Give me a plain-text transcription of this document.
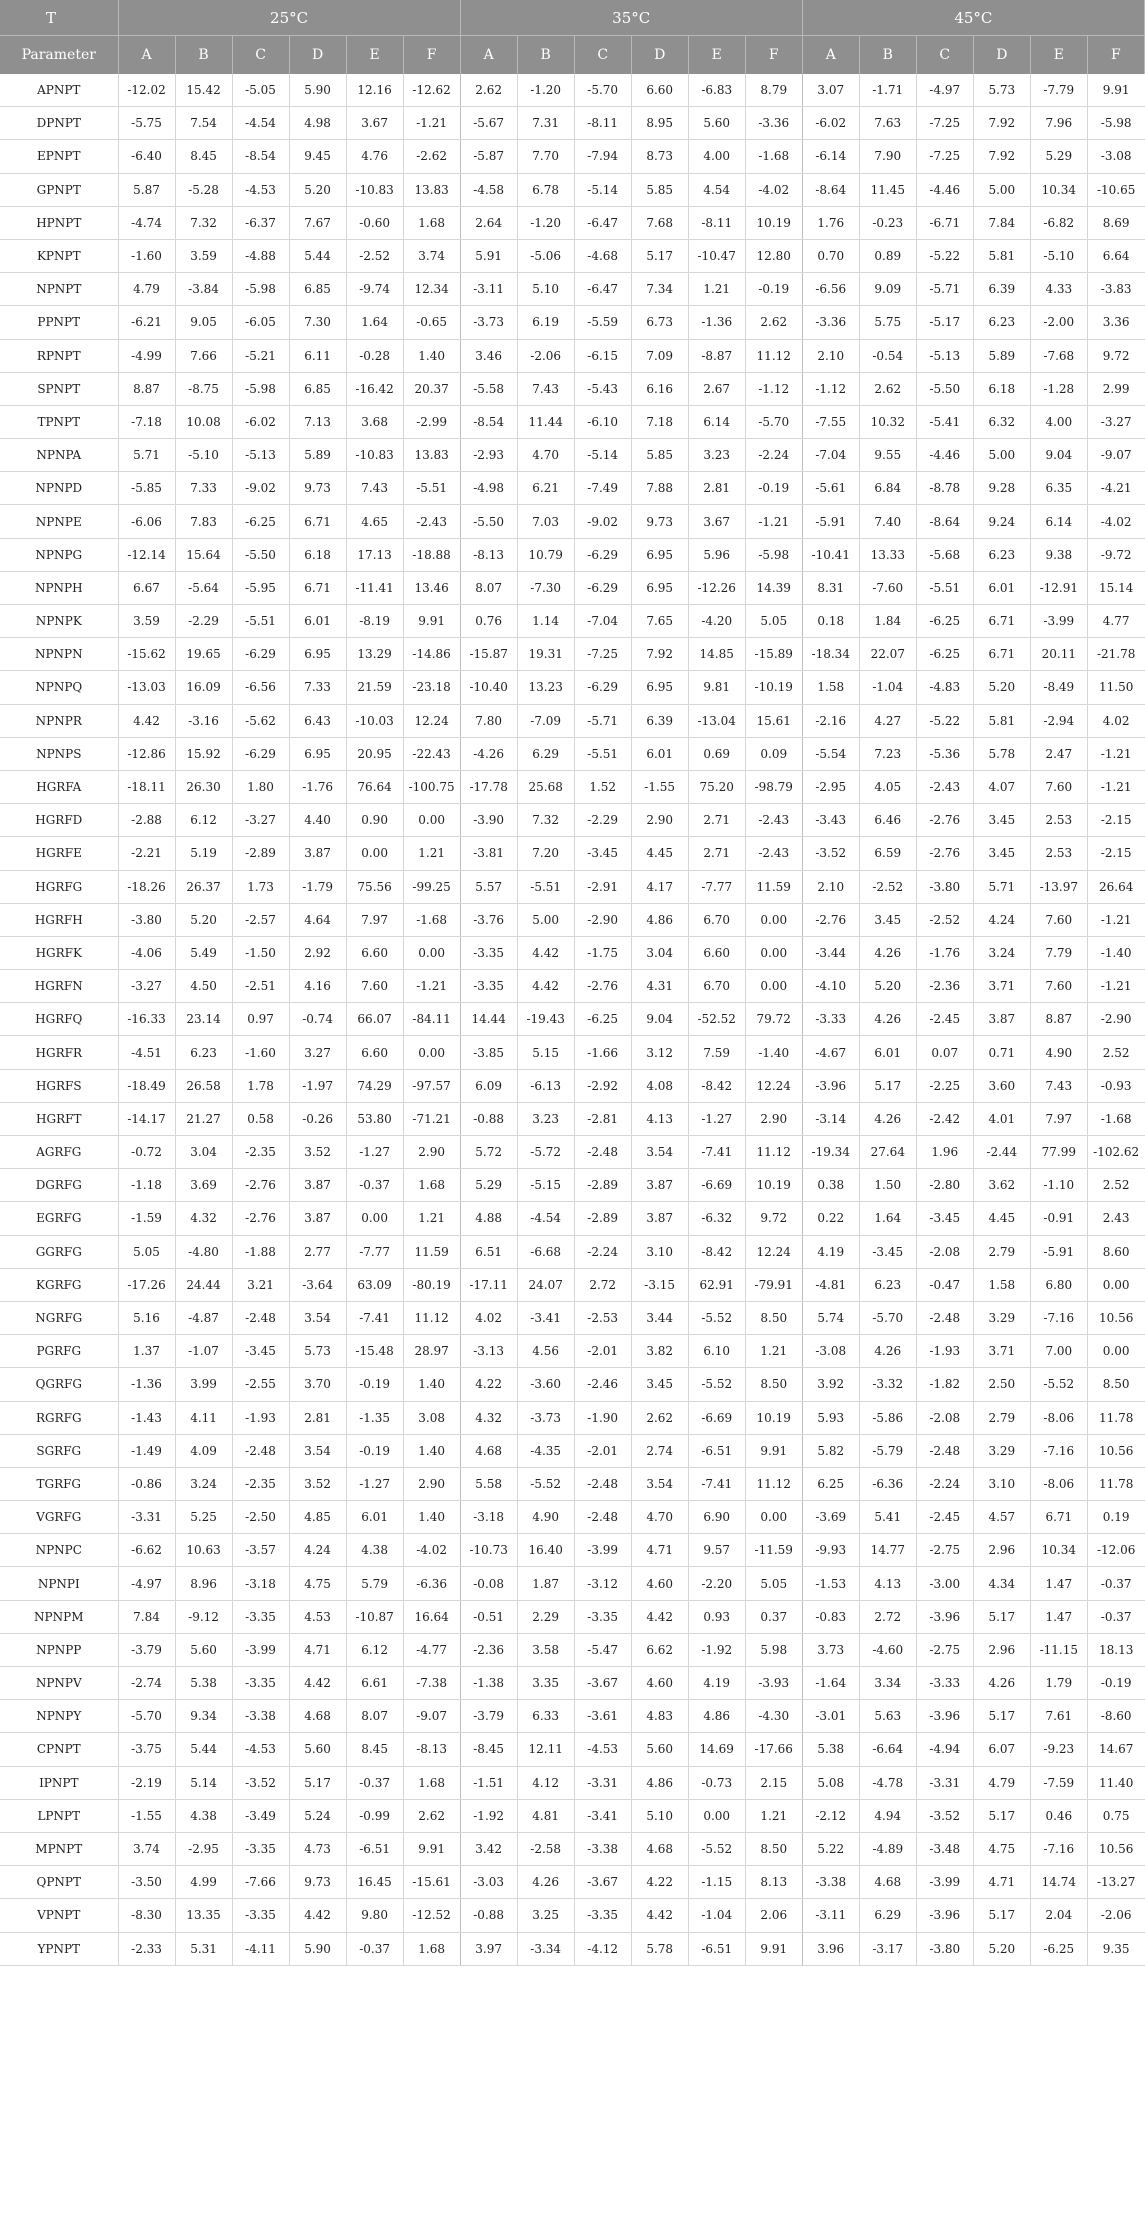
T	25°C						35°C						45°C					
Parameter	A	B	C	D	E	F	A	B	C	D	E	F	A	B	C	D	E	F
APNPT	-12.02	15.42	-5.05	5.90	12.16	-12.62	2.62	-1.20	-5.70	6.60	-6.83	8.79	3.07	-1.71	-4.97	5.73	-7.79	9.91
DPNPT	-5.75	7.54	-4.54	4.98	3.67	-1.21	-5.67	7.31	-8.11	8.95	5.60	-3.36	-6.02	7.63	-7.25	7.92	7.96	-5.98
EPNPT	-6.40	8.45	-8.54	9.45	4.76	-2.62	-5.87	7.70	-7.94	8.73	4.00	-1.68	-6.14	7.90	-7.25	7.92	5.29	-3.08
GPNPT	5.87	-5.28	-4.53	5.20	-10.83	13.83	-4.58	6.78	-5.14	5.85	4.54	-4.02	-8.64	11.45	-4.46	5.00	10.34	-10.65
HPNPT	-4.74	7.32	-6.37	7.67	-0.60	1.68	2.64	-1.20	-6.47	7.68	-8.11	10.19	1.76	-0.23	-6.71	7.84	-6.82	8.69
KPNPT	-1.60	3.59	-4.88	5.44	-2.52	3.74	5.91	-5.06	-4.68	5.17	-10.47	12.80	0.70	0.89	-5.22	5.81	-5.10	6.64
NPNPT	4.79	-3.84	-5.98	6.85	-9.74	12.34	-3.11	5.10	-6.47	7.34	1.21	-0.19	-6.56	9.09	-5.71	6.39	4.33	-3.83
PPNPT	-6.21	9.05	-6.05	7.30	1.64	-0.65	-3.73	6.19	-5.59	6.73	-1.36	2.62	-3.36	5.75	-5.17	6.23	-2.00	3.36
RPNPT	-4.99	7.66	-5.21	6.11	-0.28	1.40	3.46	-2.06	-6.15	7.09	-8.87	11.12	2.10	-0.54	-5.13	5.89	-7.68	9.72
SPNPT	8.87	-8.75	-5.98	6.85	-16.42	20.37	-5.58	7.43	-5.43	6.16	2.67	-1.12	-1.12	2.62	-5.50	6.18	-1.28	2.99
TPNPT	-7.18	10.08	-6.02	7.13	3.68	-2.99	-8.54	11.44	-6.10	7.18	6.14	-5.70	-7.55	10.32	-5.41	6.32	4.00	-3.27
NPNPA	5.71	-5.10	-5.13	5.89	-10.83	13.83	-2.93	4.70	-5.14	5.85	3.23	-2.24	-7.04	9.55	-4.46	5.00	9.04	-9.07
NPNPD	-5.85	7.33	-9.02	9.73	7.43	-5.51	-4.98	6.21	-7.49	7.88	2.81	-0.19	-5.61	6.84	-8.78	9.28	6.35	-4.21
NPNPE	-6.06	7.83	-6.25	6.71	4.65	-2.43	-5.50	7.03	-9.02	9.73	3.67	-1.21	-5.91	7.40	-8.64	9.24	6.14	-4.02
NPNPG	-12.14	15.64	-5.50	6.18	17.13	-18.88	-8.13	10.79	-6.29	6.95	5.96	-5.98	-10.41	13.33	-5.68	6.23	9.38	-9.72
NPNPH	6.67	-5.64	-5.95	6.71	-11.41	13.46	8.07	-7.30	-6.29	6.95	-12.26	14.39	8.31	-7.60	-5.51	6.01	-12.91	15.14
NPNPK	3.59	-2.29	-5.51	6.01	-8.19	9.91	0.76	1.14	-7.04	7.65	-4.20	5.05	0.18	1.84	-6.25	6.71	-3.99	4.77
NPNPN	-15.62	19.65	-6.29	6.95	13.29	-14.86	-15.87	19.31	-7.25	7.92	14.85	-15.89	-18.34	22.07	-6.25	6.71	20.11	-21.78
NPNPQ	-13.03	16.09	-6.56	7.33	21.59	-23.18	-10.40	13.23	-6.29	6.95	9.81	-10.19	1.58	-1.04	-4.83	5.20	-8.49	11.50
NPNPR	4.42	-3.16	-5.62	6.43	-10.03	12.24	7.80	-7.09	-5.71	6.39	-13.04	15.61	-2.16	4.27	-5.22	5.81	-2.94	4.02
NPNPS	-12.86	15.92	-6.29	6.95	20.95	-22.43	-4.26	6.29	-5.51	6.01	0.69	0.09	-5.54	7.23	-5.36	5.78	2.47	-1.21
HGRFA	-18.11	26.30	1.80	-1.76	76.64	-100.75	-17.78	25.68	1.52	-1.55	75.20	-98.79	-2.95	4.05	-2.43	4.07	7.60	-1.21
HGRFD	-2.88	6.12	-3.27	4.40	0.90	0.00	-3.90	7.32	-2.29	2.90	2.71	-2.43	-3.43	6.46	-2.76	3.45	2.53	-2.15
HGRFE	-2.21	5.19	-2.89	3.87	0.00	1.21	-3.81	7.20	-3.45	4.45	2.71	-2.43	-3.52	6.59	-2.76	3.45	2.53	-2.15
HGRFG	-18.26	26.37	1.73	-1.79	75.56	-99.25	5.57	-5.51	-2.91	4.17	-7.77	11.59	2.10	-2.52	-3.80	5.71	-13.97	26.64
HGRFH	-3.80	5.20	-2.57	4.64	7.97	-1.68	-3.76	5.00	-2.90	4.86	6.70	0.00	-2.76	3.45	-2.52	4.24	7.60	-1.21
HGRFK	-4.06	5.49	-1.50	2.92	6.60	0.00	-3.35	4.42	-1.75	3.04	6.60	0.00	-3.44	4.26	-1.76	3.24	7.79	-1.40
HGRFN	-3.27	4.50	-2.51	4.16	7.60	-1.21	-3.35	4.42	-2.76	4.31	6.70	0.00	-4.10	5.20	-2.36	3.71	7.60	-1.21
HGRFQ	-16.33	23.14	0.97	-0.74	66.07	-84.11	14.44	-19.43	-6.25	9.04	-52.52	79.72	-3.33	4.26	-2.45	3.87	8.87	-2.90
HGRFR	-4.51	6.23	-1.60	3.27	6.60	0.00	-3.85	5.15	-1.66	3.12	7.59	-1.40	-4.67	6.01	0.07	0.71	4.90	2.52
HGRFS	-18.49	26.58	1.78	-1.97	74.29	-97.57	6.09	-6.13	-2.92	4.08	-8.42	12.24	-3.96	5.17	-2.25	3.60	7.43	-0.93
HGRFT	-14.17	21.27	0.58	-0.26	53.80	-71.21	-0.88	3.23	-2.81	4.13	-1.27	2.90	-3.14	4.26	-2.42	4.01	7.97	-1.68
AGRFG	-0.72	3.04	-2.35	3.52	-1.27	2.90	5.72	-5.72	-2.48	3.54	-7.41	11.12	-19.34	27.64	1.96	-2.44	77.99	-102.62
DGRFG	-1.18	3.69	-2.76	3.87	-0.37	1.68	5.29	-5.15	-2.89	3.87	-6.69	10.19	0.38	1.50	-2.80	3.62	-1.10	2.52
EGRFG	-1.59	4.32	-2.76	3.87	0.00	1.21	4.88	-4.54	-2.89	3.87	-6.32	9.72	0.22	1.64	-3.45	4.45	-0.91	2.43
GGRFG	5.05	-4.80	-1.88	2.77	-7.77	11.59	6.51	-6.68	-2.24	3.10	-8.42	12.24	4.19	-3.45	-2.08	2.79	-5.91	8.60
KGRFG	-17.26	24.44	3.21	-3.64	63.09	-80.19	-17.11	24.07	2.72	-3.15	62.91	-79.91	-4.81	6.23	-0.47	1.58	6.80	0.00
NGRFG	5.16	-4.87	-2.48	3.54	-7.41	11.12	4.02	-3.41	-2.53	3.44	-5.52	8.50	5.74	-5.70	-2.48	3.29	-7.16	10.56
PGRFG	1.37	-1.07	-3.45	5.73	-15.48	28.97	-3.13	4.56	-2.01	3.82	6.10	1.21	-3.08	4.26	-1.93	3.71	7.00	0.00
QGRFG	-1.36	3.99	-2.55	3.70	-0.19	1.40	4.22	-3.60	-2.46	3.45	-5.52	8.50	3.92	-3.32	-1.82	2.50	-5.52	8.50
RGRFG	-1.43	4.11	-1.93	2.81	-1.35	3.08	4.32	-3.73	-1.90	2.62	-6.69	10.19	5.93	-5.86	-2.08	2.79	-8.06	11.78
SGRFG	-1.49	4.09	-2.48	3.54	-0.19	1.40	4.68	-4.35	-2.01	2.74	-6.51	9.91	5.82	-5.79	-2.48	3.29	-7.16	10.56
TGRFG	-0.86	3.24	-2.35	3.52	-1.27	2.90	5.58	-5.52	-2.48	3.54	-7.41	11.12	6.25	-6.36	-2.24	3.10	-8.06	11.78
VGRFG	-3.31	5.25	-2.50	4.85	6.01	1.40	-3.18	4.90	-2.48	4.70	6.90	0.00	-3.69	5.41	-2.45	4.57	6.71	0.19
NPNPC	-6.62	10.63	-3.57	4.24	4.38	-4.02	-10.73	16.40	-3.99	4.71	9.57	-11.59	-9.93	14.77	-2.75	2.96	10.34	-12.06
NPNPI	-4.97	8.96	-3.18	4.75	5.79	-6.36	-0.08	1.87	-3.12	4.60	-2.20	5.05	-1.53	4.13	-3.00	4.34	1.47	-0.37
NPNPM	7.84	-9.12	-3.35	4.53	-10.87	16.64	-0.51	2.29	-3.35	4.42	0.93	0.37	-0.83	2.72	-3.96	5.17	1.47	-0.37
NPNPP	-3.79	5.60	-3.99	4.71	6.12	-4.77	-2.36	3.58	-5.47	6.62	-1.92	5.98	3.73	-4.60	-2.75	2.96	-11.15	18.13
NPNPV	-2.74	5.38	-3.35	4.42	6.61	-7.38	-1.38	3.35	-3.67	4.60	4.19	-3.93	-1.64	3.34	-3.33	4.26	1.79	-0.19
NPNPY	-5.70	9.34	-3.38	4.68	8.07	-9.07	-3.79	6.33	-3.61	4.83	4.86	-4.30	-3.01	5.63	-3.96	5.17	7.61	-8.60
CPNPT	-3.75	5.44	-4.53	5.60	8.45	-8.13	-8.45	12.11	-4.53	5.60	14.69	-17.66	5.38	-6.64	-4.94	6.07	-9.23	14.67
IPNPT	-2.19	5.14	-3.52	5.17	-0.37	1.68	-1.51	4.12	-3.31	4.86	-0.73	2.15	5.08	-4.78	-3.31	4.79	-7.59	11.40
LPNPT	-1.55	4.38	-3.49	5.24	-0.99	2.62	-1.92	4.81	-3.41	5.10	0.00	1.21	-2.12	4.94	-3.52	5.17	0.46	0.75
MPNPT	3.74	-2.95	-3.35	4.73	-6.51	9.91	3.42	-2.58	-3.38	4.68	-5.52	8.50	5.22	-4.89	-3.48	4.75	-7.16	10.56
QPNPT	-3.50	4.99	-7.66	9.73	16.45	-15.61	-3.03	4.26	-3.67	4.22	-1.15	8.13	-3.38	4.68	-3.99	4.71	14.74	-13.27
VPNPT	-8.30	13.35	-3.35	4.42	9.80	-12.52	-0.88	3.25	-3.35	4.42	-1.04	2.06	-3.11	6.29	-3.96	5.17	2.04	-2.06
YPNPT	-2.33	5.31	-4.11	5.90	-0.37	1.68	3.97	-3.34	-4.12	5.78	-6.51	9.91	3.96	-3.17	-3.80	5.20	-6.25	9.35
